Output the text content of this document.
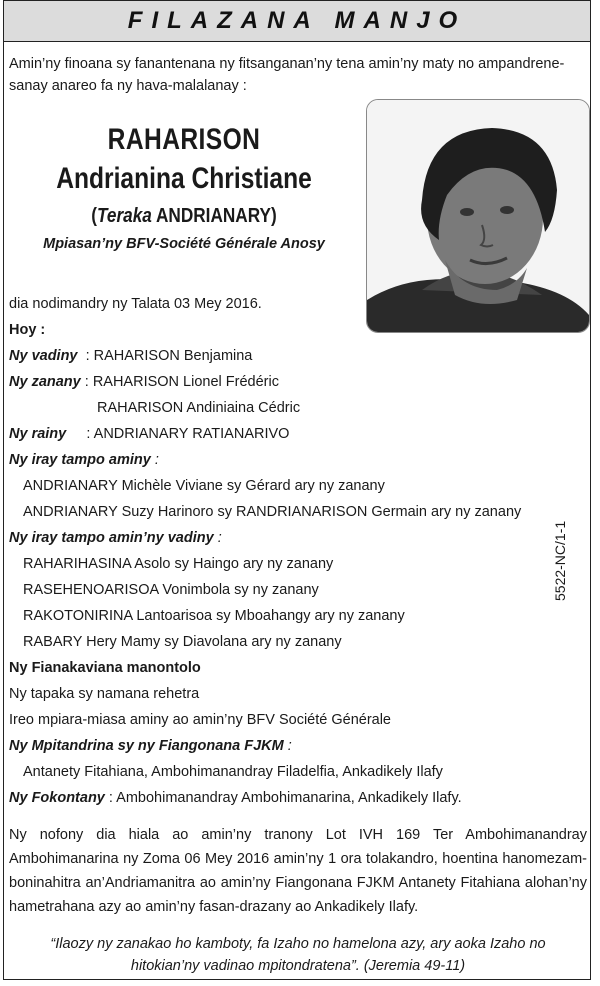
FILAZANA MANJO
Amin’ny finoana sy fanantenana ny fitsanganan’ny tena amin’ny maty no ampandrene-sanay anareo fa ny hava-malalanay :
RAHARISON
Andrianina Christiane
(Teraka ANDRIANARY)
Mpiasan’ny BFV-Société Générale Anosy
dia nodimandry ny Talata 03 Mey 2016.
Hoy :
Ny vadiny : RAHARISON Benjamina
Ny zanany : RAHARISON Lionel Frédéric
RAHARISON Andiniaina Cédric
Ny rainy : ANDRIANARY RATIANARIVO
Ny iray tampo aminy :
ANDRIANARY Michèle Viviane sy Gérard ary ny zanany
ANDRIANARY Suzy Harinoro sy RANDRIANARISON Germain ary ny zanany
Ny iray tampo amin’ny vadiny :
RAHARIHASINA Asolo sy Haingo ary ny zanany
RASEHENOARISOA Vonimbola sy ny zanany
RAKOTONIRINA Lantoarisoa sy Mboahangy ary ny zanany
RABARY Hery Mamy sy Diavolana ary ny zanany
Ny Fianakaviana manontolo
Ny tapaka sy namana rehetra
Ireo mpiara-miasa aminy ao amin’ny BFV Société Générale
Ny Mpitandrina sy ny Fiangonana FJKM :
Antanety Fitahiana, Ambohimanandray Filadelfia, Ankadikely Ilafy
Ny Fokontany : Ambohimanandray Ambohimanarina, Ankadikely Ilafy.
5522-NC/1-1
Ny nofony dia hiala ao amin’ny tranony Lot IVH 169 Ter Ambohimanandray Ambohimanarina ny Zoma 06 Mey 2016 amin’ny 1 ora tolakandro, hoentina hanomezam-boninahitra an’Andriamanitra ao amin’ny Fiangonana FJKM Antanety Fitahiana alohan’ny hametrahana azy ao amin’ny fasan-drazany ao Ankadikely Ilafy.
“Ilaozy ny zanakao ho kamboty, fa Izaho no hamelona azy, ary aoka Izaho no hitokian’ny vadinao mpitondratena”. (Jeremia 49-11)
